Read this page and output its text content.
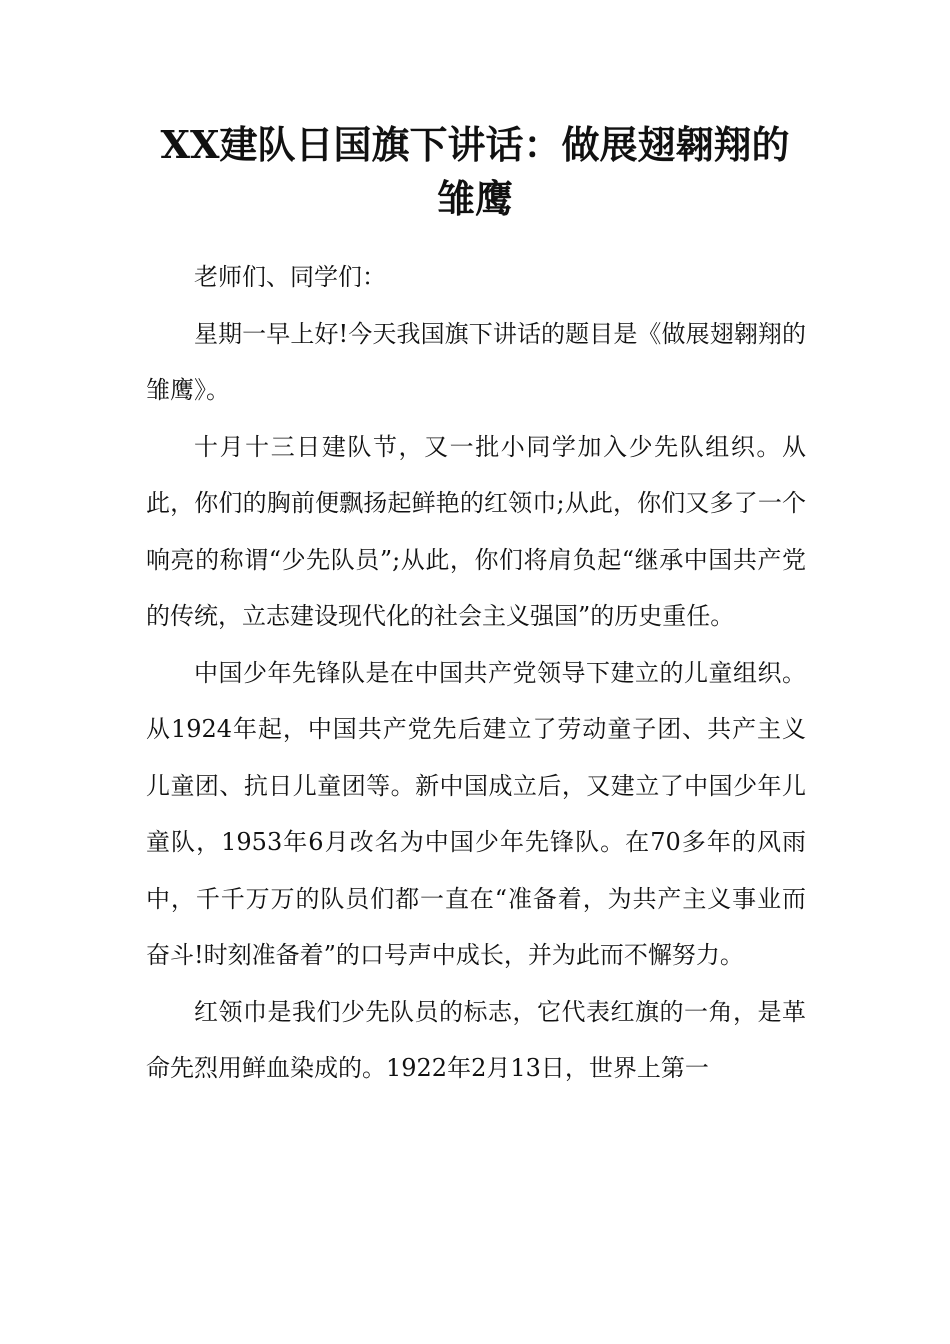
XX建队日国旗下讲话：做展翅翱翔的雏鹰

老师们、同学们：

星期一早上好!今天我国旗下讲话的题目是《做展翅翱翔的雏鹰》。

十月十三日建队节，又一批小同学加入少先队组织。从此，你们的胸前便飘扬起鲜艳的红领巾;从此，你们又多了一个响亮的称谓“少先队员”;从此，你们将肩负起“继承中国共产党的传统，立志建设现代化的社会主义强国”的历史重任。

中国少年先锋队是在中国共产党领导下建立的儿童组织。从1924年起，中国共产党先后建立了劳动童子团、共产主义儿童团、抗日儿童团等。新中国成立后，又建立了中国少年儿童队，1953年6月改名为中国少年先锋队。在70多年的风雨中，千千万万的队员们都一直在“准备着，为共产主义事业而奋斗!时刻准备着”的口号声中成长，并为此而不懈努力。

红领巾是我们少先队员的标志，它代表红旗的一角，是革命先烈用鲜血染成的。1922年2月13日，世界上第一
